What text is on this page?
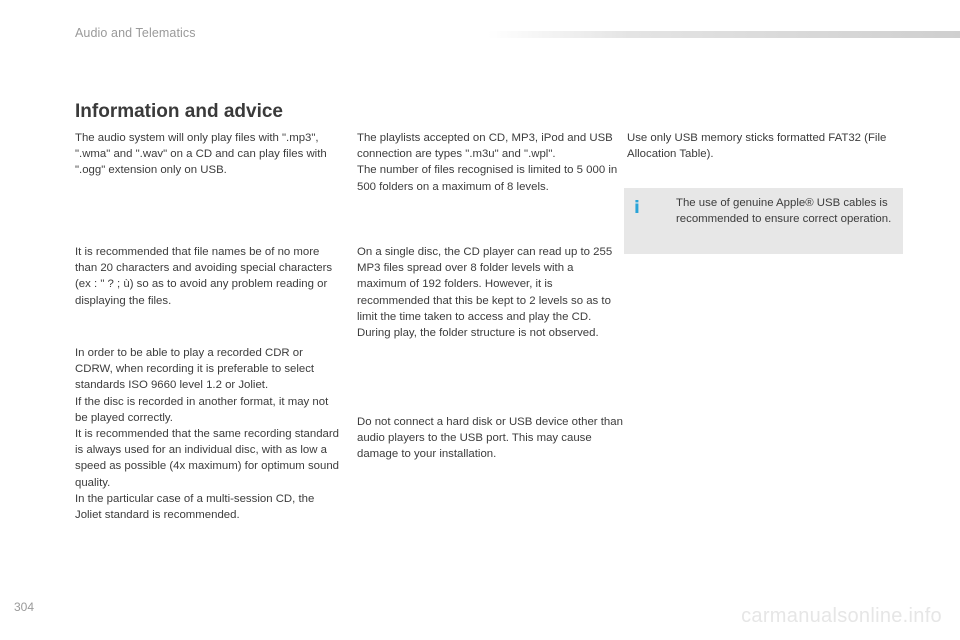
Audio and Telematics
Information and advice

The audio system will only play files with ".mp3", ".wma" and ".wav" on a CD and can play files with ".ogg" extension only on USB.

It is recommended that file names be of no more than 20 characters and avoiding special characters (ex : " ? ; ù) so as to avoid any problem reading or displaying the files.

In order to be able to play a recorded CDR or CDRW, when recording it is preferable to select standards ISO 9660 level 1.2 or Joliet.

If the disc is recorded in another format, it may not be played correctly.

It is recommended that the same recording standard is always used for an individual disc, with as low a speed as possible (4x maximum) for optimum sound quality.

In the particular case of a multi-session CD, the Joliet standard is recommended.

The playlists accepted on CD, MP3, iPod and USB connection are types ".m3u" and ".wpl".

The number of files recognised is limited to 5 000 in 500 folders on a maximum of 8 levels.

On a single disc, the CD player can read up to 255 MP3 files spread over 8 folder levels with a maximum of 192 folders. However, it is recommended that this be kept to 2 levels so as to limit the time taken to access and play the CD.

During play, the folder structure is not observed.

Do not connect a hard disk or USB device other than audio players to the USB port. This may cause damage to your installation.

Use only USB memory sticks formatted FAT32 (File Allocation Table).

i	The use of genuine Apple® USB cables is recommended to ensure correct operation.

304	carmanualsonline.info
